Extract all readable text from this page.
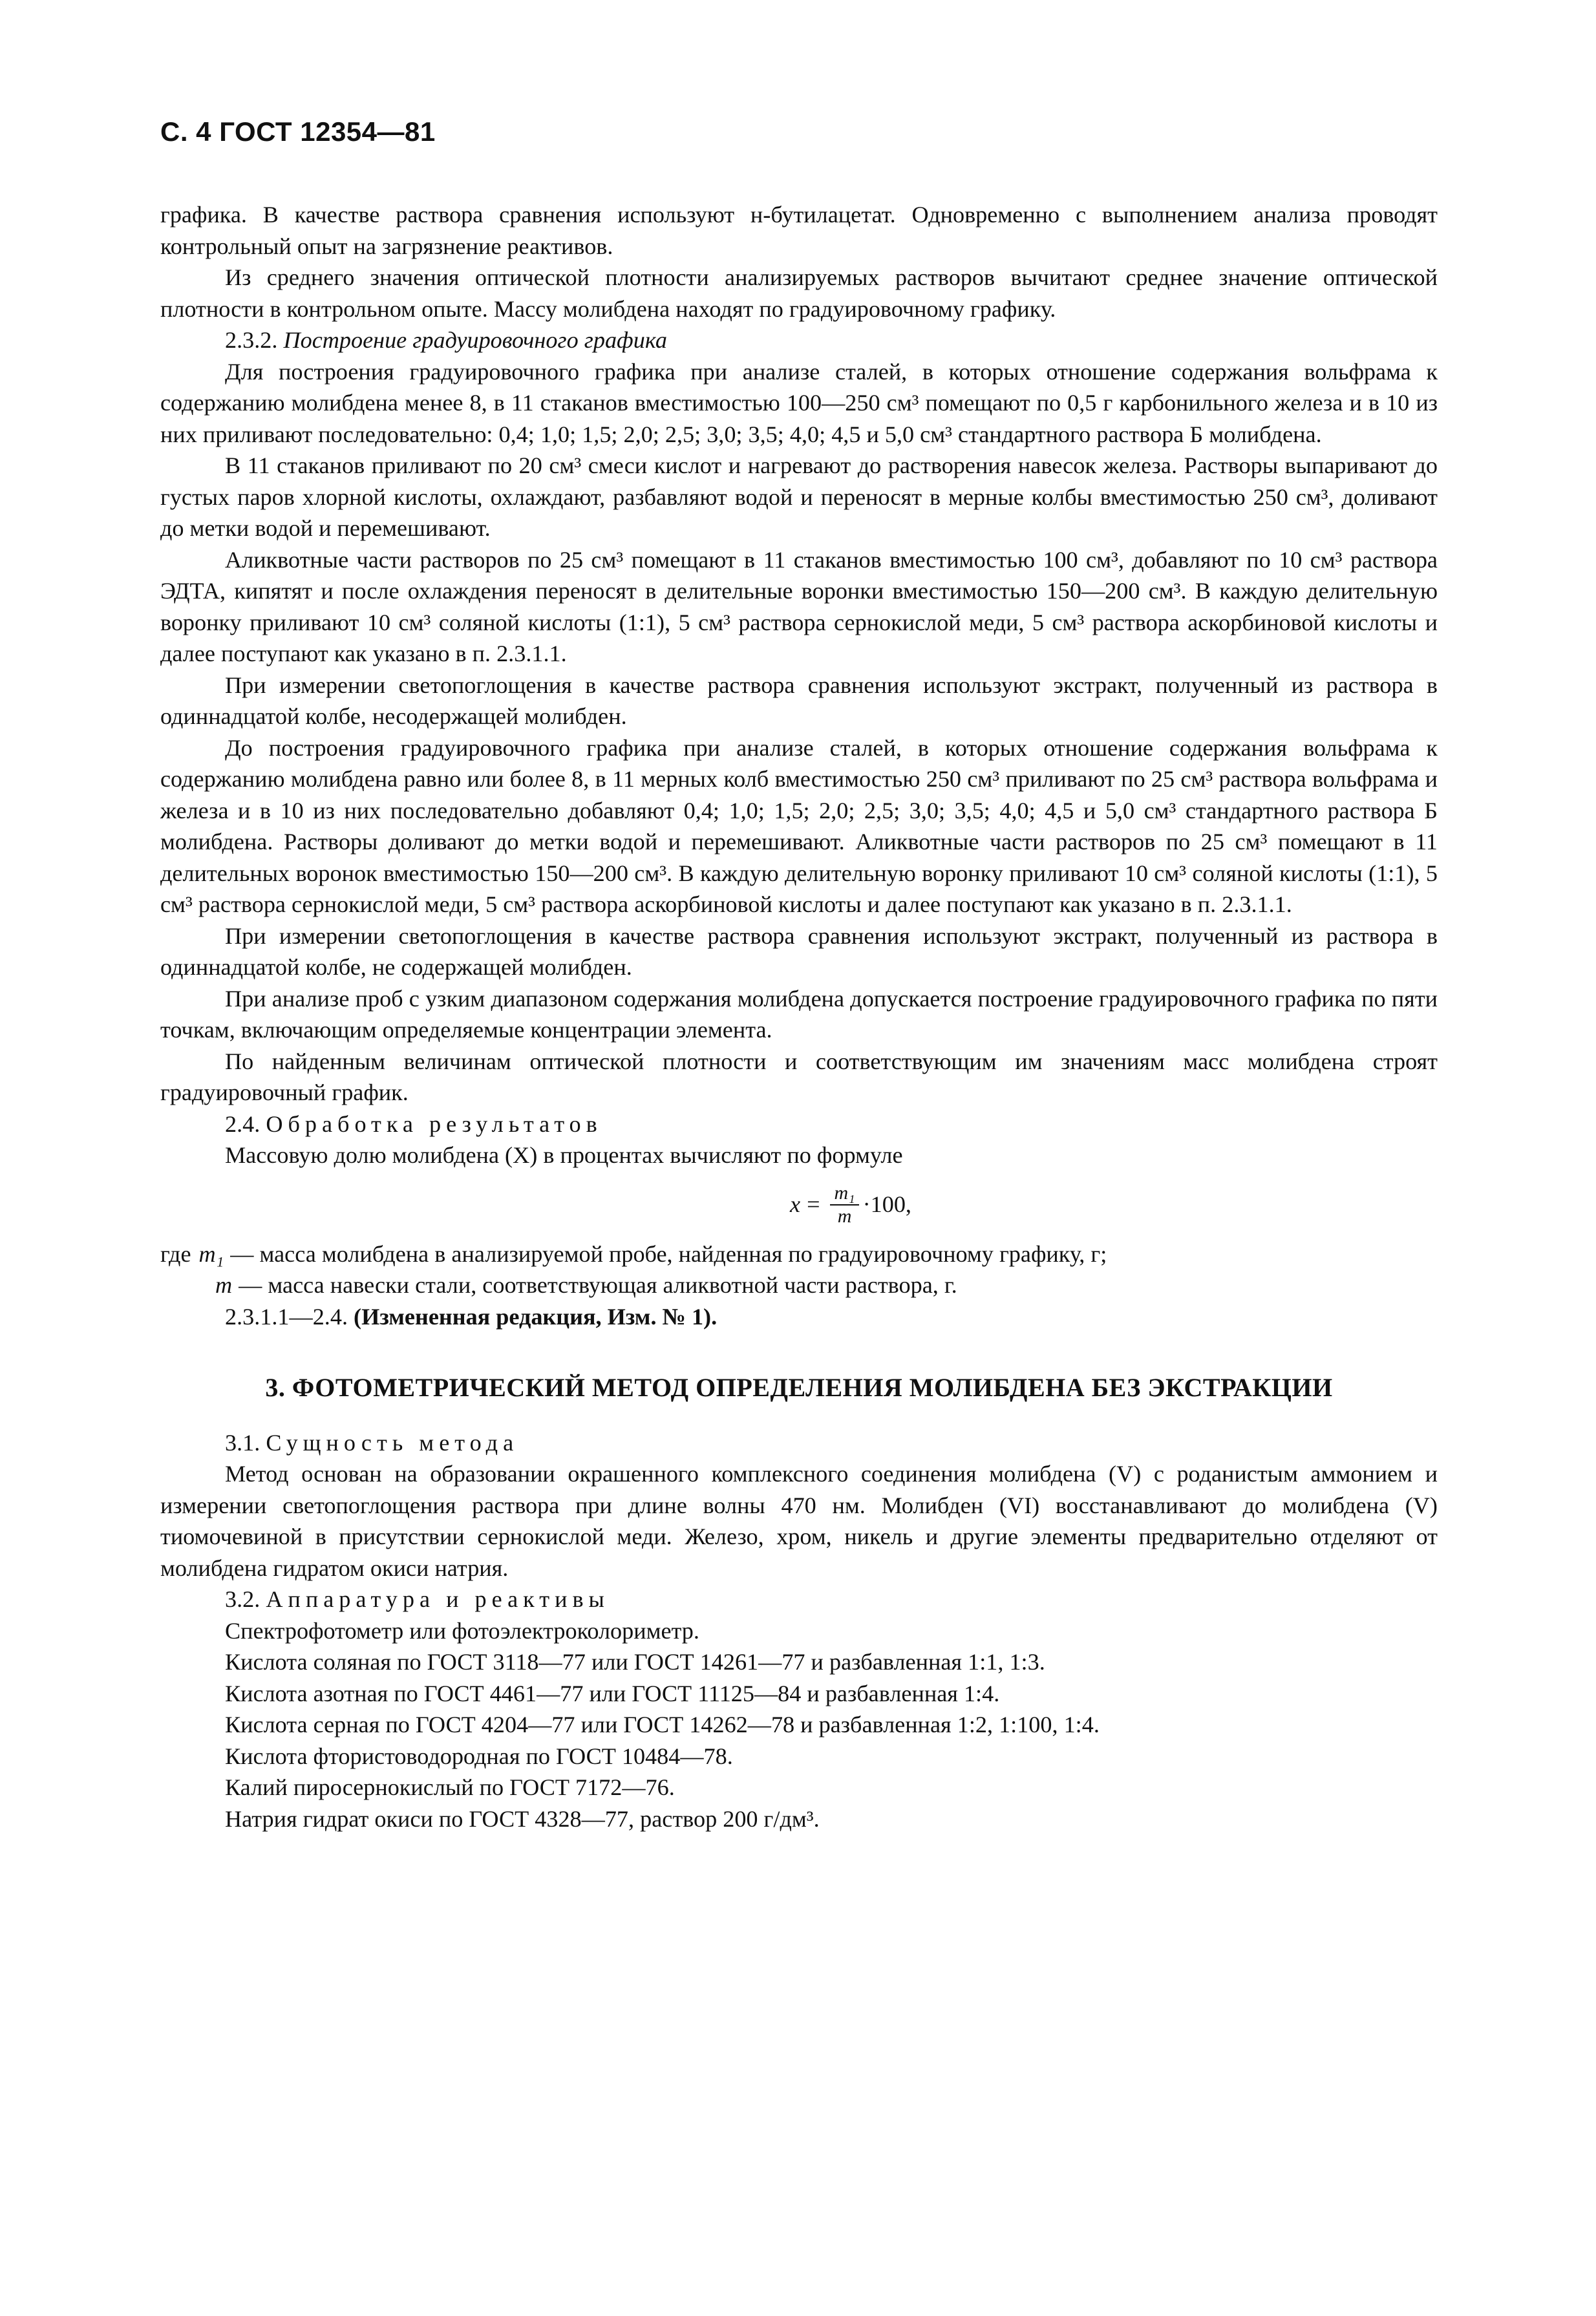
С. 4 ГОСТ 12354—81

графика. В качестве раствора сравнения используют н-бутилацетат. Одновременно с выполнением анализа проводят контрольный опыт на загрязнение реактивов.

Из среднего значения оптической плотности анализируемых растворов вычитают среднее значение оптической плотности в контрольном опыте. Массу молибдена находят по градуировочному графику.

2.3.2. Построение градуировочного графика

Для построения градуировочного графика при анализе сталей, в которых отношение содержания вольфрама к содержанию молибдена менее 8, в 11 стаканов вместимостью 100—250 см³ помещают по 0,5 г карбонильного железа и в 10 из них приливают последовательно: 0,4; 1,0; 1,5; 2,0; 2,5; 3,0; 3,5; 4,0; 4,5 и 5,0 см³ стандартного раствора Б молибдена.

В 11 стаканов приливают по 20 см³ смеси кислот и нагревают до растворения навесок железа. Растворы выпаривают до густых паров хлорной кислоты, охлаждают, разбавляют водой и переносят в мерные колбы вместимостью 250 см³, доливают до метки водой и перемешивают.

Аликвотные части растворов по 25 см³ помещают в 11 стаканов вместимостью 100 см³, добавляют по 10 см³ раствора ЭДТА, кипятят и после охлаждения переносят в делительные воронки вместимостью 150—200 см³. В каждую делительную воронку приливают 10 см³ соляной кислоты (1:1), 5 см³ раствора сернокислой меди, 5 см³ раствора аскорбиновой кислоты и далее поступают как указано в п. 2.3.1.1.

При измерении светопоглощения в качестве раствора сравнения используют экстракт, полученный из раствора в одиннадцатой колбе, несодержащей молибден.

До построения градуировочного графика при анализе сталей, в которых отношение содержания вольфрама к содержанию молибдена равно или более 8, в 11 мерных колб вместимостью 250 см³ приливают по 25 см³ раствора вольфрама и железа и в 10 из них последовательно добавляют 0,4; 1,0; 1,5; 2,0; 2,5; 3,0; 3,5; 4,0; 4,5 и 5,0 см³ стандартного раствора Б молибдена. Растворы доливают до метки водой и перемешивают. Аликвотные части растворов по 25 см³ помещают в 11 делительных воронок вместимостью 150—200 см³. В каждую делительную воронку приливают 10 см³ соляной кислоты (1:1), 5 см³ раствора сернокислой меди, 5 см³ раствора аскорбиновой кислоты и далее поступают как указано в п. 2.3.1.1.

При измерении светопоглощения в качестве раствора сравнения используют экстракт, полученный из раствора в одиннадцатой колбе, не содержащей молибден.

При анализе проб с узким диапазоном содержания молибдена допускается построение градуировочного графика по пяти точкам, включающим определяемые концентрации элемента.

По найденным величинам оптической плотности и соответствующим им значениям масс молибдена строят градуировочный график.

2.4. Обработка результатов

Массовую долю молибдена (X) в процентах вычисляют по формуле

$x = \frac{\text{m₁}}{m} \cdot 100$,
где m₁ — масса молибдена в анализируемой пробе, найденная по градуировочному графику, г;
m — масса навески стали, соответствующая аликвотной части раствора, г.

2.3.1.1—2.4. (Измененная редакция, Изм. № 1).

3. ФОТОМЕТРИЧЕСКИЙ МЕТОД ОПРЕДЕЛЕНИЯ МОЛИБДЕНА БЕЗ ЭКСТРАКЦИИ

3.1. Сущность метода

Метод основан на образовании окрашенного комплексного соединения молибдена (V) с роданистым аммонием и измерении светопоглощения раствора при длине волны 470 нм. Молибден (VI) восстанавливают до молибдена (V) тиомочевиной в присутствии сернокислой меди. Железо, хром, никель и другие элементы предварительно отделяют от молибдена гидратом окиси натрия.

3.2. Аппаратура и реактивы

Спектрофотометр или фотоэлектроколориметр.

Кислота соляная по ГОСТ 3118—77 или ГОСТ 14261—77 и разбавленная 1:1, 1:3.

Кислота азотная по ГОСТ 4461—77 или ГОСТ 11125—84 и разбавленная 1:4.

Кислота серная по ГОСТ 4204—77 или ГОСТ 14262—78 и разбавленная 1:2, 1:100, 1:4.

Кислота фтористоводородная по ГОСТ 10484—78.

Калий пиросернокислый по ГОСТ 7172—76.

Натрия гидрат окиси по ГОСТ 4328—77, раствор 200 г/дм³.
